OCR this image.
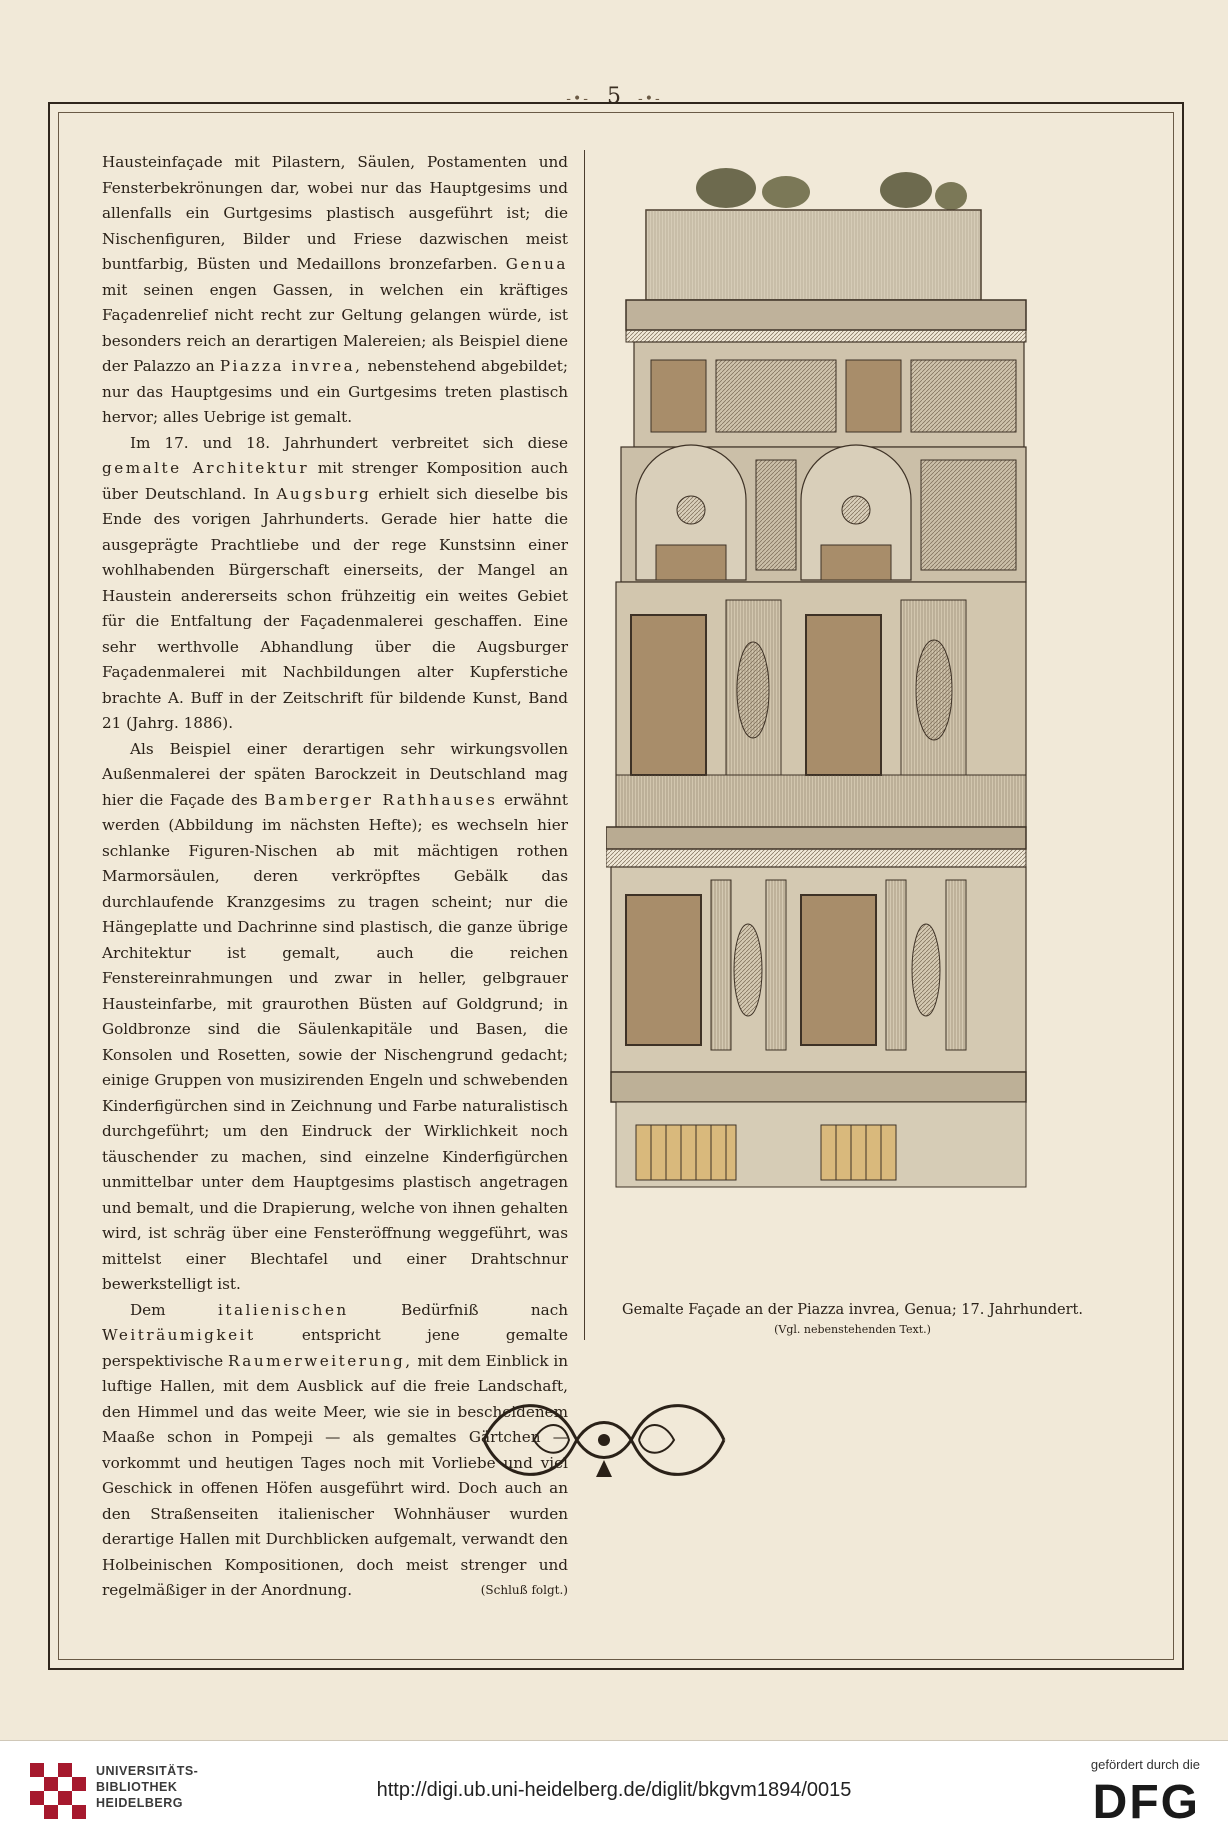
-•- 5 -•-

Hausteinfaçade mit Pilastern, Säulen, Postamenten und Fensterbekrönungen dar, wobei nur das Hauptgesims und allenfalls ein Gurtgesims plastisch ausgeführt ist; die Nischenfiguren, Bilder und Friese dazwischen meist buntfarbig, Büsten und Medaillons bronzefarben. Genua mit seinen engen Gassen, in welchen ein kräftiges Façadenrelief nicht recht zur Geltung gelangen würde, ist besonders reich an derartigen Malereien; als Beispiel diene der Palazzo an Piazza invrea, nebenstehend abgebildet; nur das Hauptgesims und ein Gurtgesims treten plastisch hervor; alles Uebrige ist gemalt.

Im 17. und 18. Jahrhundert verbreitet sich diese gemalte Architektur mit strenger Komposition auch über Deutschland. In Augsburg erhielt sich dieselbe bis Ende des vorigen Jahrhunderts. Gerade hier hatte die ausgeprägte Prachtliebe und der rege Kunstsinn einer wohlhabenden Bürgerschaft einerseits, der Mangel an Haustein andererseits schon frühzeitig ein weites Gebiet für die Entfaltung der Façadenmalerei geschaffen. Eine sehr werthvolle Abhandlung über die Augsburger Façadenmalerei mit Nachbildungen alter Kupferstiche brachte A. Buff in der Zeitschrift für bildende Kunst, Band 21 (Jahrg. 1886).

Als Beispiel einer derartigen sehr wirkungsvollen Außenmalerei der späten Barockzeit in Deutschland mag hier die Façade des Bamberger Rathhauses erwähnt werden (Abbildung im nächsten Hefte); es wechseln hier schlanke Figuren-Nischen ab mit mächtigen rothen Marmorsäulen, deren verkröpftes Gebälk das durchlaufende Kranzgesims zu tragen scheint; nur die Hängeplatte und Dachrinne sind plastisch, die ganze übrige Architektur ist gemalt, auch die reichen Fenstereinrahmungen und zwar in heller, gelbgrauer Hausteinfarbe, mit graurothen Büsten auf Goldgrund; in Goldbronze sind die Säulenkapitäle und Basen, die Konsolen und Rosetten, sowie der Nischengrund gedacht; einige Gruppen von musizirenden Engeln und schwebenden Kinderfigürchen sind in Zeichnung und Farbe naturalistisch durchgeführt; um den Eindruck der Wirklichkeit noch täuschender zu machen, sind einzelne Kinderfigürchen unmittelbar unter dem Hauptgesims plastisch angetragen und bemalt, und die Drapierung, welche von ihnen gehalten wird, ist schräg über eine Fensteröffnung weggeführt, was mittelst einer Blechtafel und einer Drahtschnur bewerkstelligt ist.

Dem	italienischen	Bedürfniß nach Weiträumigkeit	entspricht jene gemalte perspektivische Raumerweiterung, mit dem Einblick in luftige Hallen, mit dem Ausblick auf die freie Landschaft, den Himmel und das weite Meer, wie sie in bescheidenem Maaße schon in Pompeji — als gemaltes Gärtchen — vorkommt und heutigen Tages noch mit Vorliebe und viel Geschick in offenen Höfen ausgeführt wird. Doch auch an den Straßenseiten italienischer Wohnhäuser wurden derartige Hallen mit Durchblicken aufgemalt, verwandt den Holbeinischen Kompositionen, doch meist strenger und regelmäßiger in der Anordnung.	(Schluß folgt.)

Gemalte Façade an der Piazza invrea, Genua; 17. Jahrhundert.
(Vgl. nebenstehenden Text.)
UNIVERSITÄTS-
BIBLIOTHEK
HEIDELBERG
http://digi.ub.uni-heidelberg.de/diglit/bkgvm1894/0015
gefördert durch die
DFG
